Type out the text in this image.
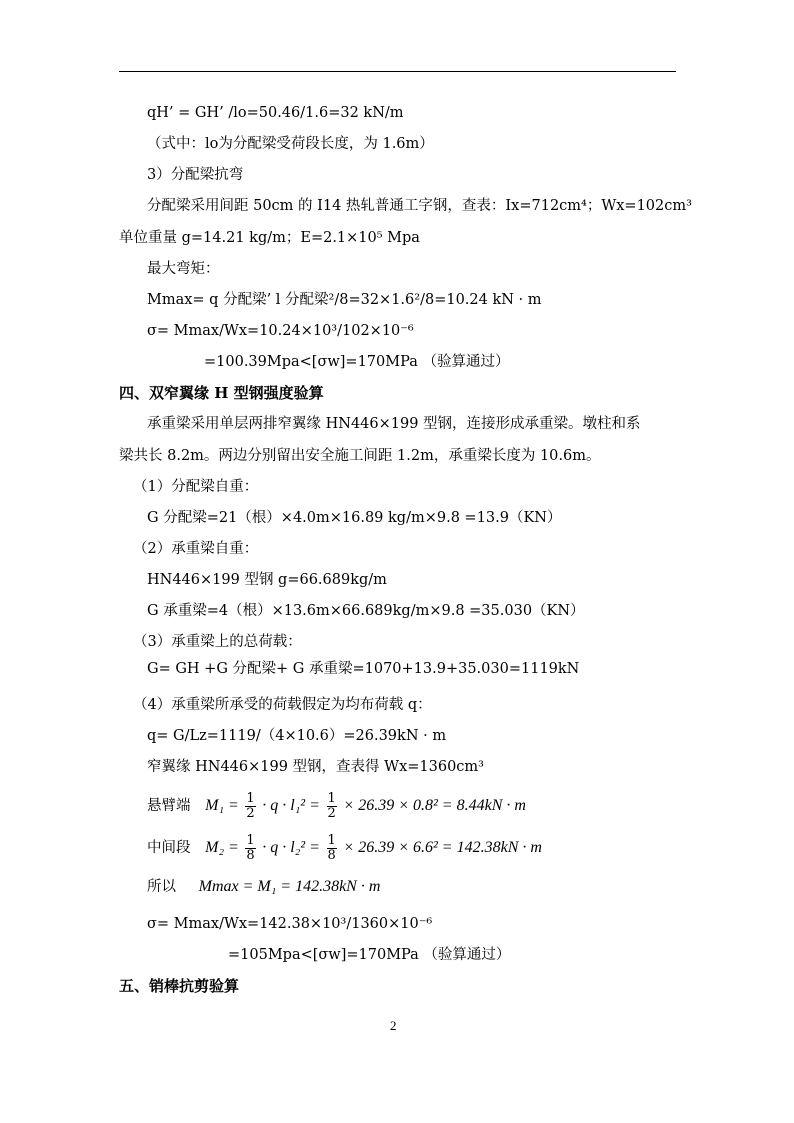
qH’ = GH’ /lo=50.46/1.6=32 kN/m
（式中：lo为分配梁受荷段长度，为 1.6m）
3）分配梁抗弯
分配梁采用间距 50cm 的 I14 热轧普通工字钢，查表：Ix=712cm⁴；Wx=102cm³
单位重量 g=14.21 kg/m；E=2.1×10⁵ Mpa
最大弯矩：
Mmax= q 分配梁’ l 分配梁²/8=32×1.6²/8=10.24 kN · m
σ= Mmax/Wx=10.24×10³/102×10⁻⁶
=100.39Mpa<[σw]=170MPa （验算通过）
四、双窄翼缘 H 型钢强度验算
承重梁采用单层两排窄翼缘 HN446×199 型钢，连接形成承重梁。墩柱和系
梁共长 8.2m。两边分别留出安全施工间距 1.2m，承重梁长度为 10.6m。
（1）分配梁自重：
G 分配梁=21（根）×4.0m×16.89 kg/m×9.8 =13.9（KN）
（2）承重梁自重：
HN446×199 型钢 g=66.689kg/m
G 承重梁=4（根）×13.6m×66.689kg/m×9.8 =35.030（KN）
（3）承重梁上的总荷载：
G= GH +G 分配梁+ G 承重梁=1070+13.9+35.030=1119kN
（4）承重梁所承受的荷载假定为均布荷载 q：
q= G/Lz=1119/（4×10.6）=26.39kN · m
窄翼缘 HN446×199 型钢，查表得 Wx=1360cm³
悬臂端 $M_1 = \frac{1}{2} \cdot q \cdot l_1^2 = \frac{1}{2} \times 26.39 \times 0.8^2 = 8.44kN \cdot m$
中间段 $M_2 = \frac{1}{8} \cdot q \cdot l_2^2 = \frac{1}{8} \times 26.39 \times 6.6^2 = 142.38kN \cdot m$
所以 Mmax = M₁ = 142.38kN · m
σ= Mmax/Wx=142.38×10³/1360×10⁻⁶
=105Mpa<[σw]=170MPa （验算通过）
五、销棒抗剪验算
2
